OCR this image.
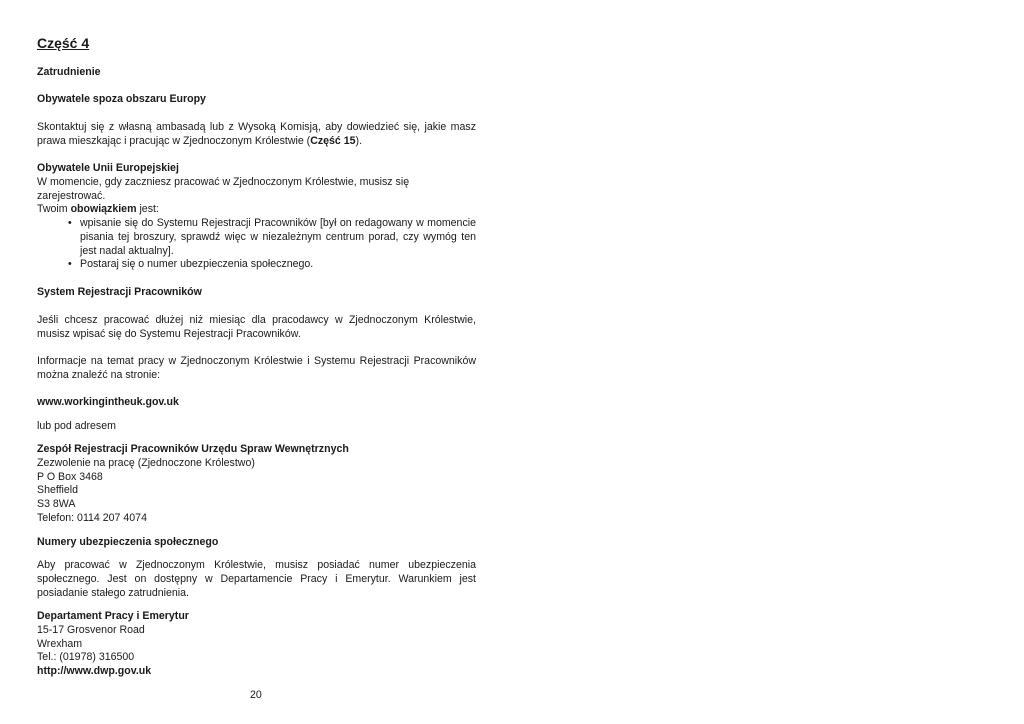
Część 4
Zatrudnienie
Obywatele spoza obszaru Europy

Skontaktuj się z własną ambasadą lub z Wysoką Komisją, aby dowiedzieć się, jakie masz prawa mieszkając i pracując w Zjednoczonym Królestwie (Część 15).

Obywatele Unii Europejskiej

W momencie, gdy zaczniesz pracować w Zjednoczonym Królestwie, musisz się zarejestrować.

Twoim obowiązkiem jest:

• wpisanie się do Systemu Rejestracji Pracowników [był on redagowany w momencie pisania tej broszury, sprawdź więc w niezależnym centrum porad, czy wymóg ten jest nadal aktualny].
• Postaraj się o numer ubezpieczenia społecznego.
System Rejestracji Pracowników

Jeśli chcesz pracować dłużej niż miesiąc dla pracodawcy w Zjednoczonym Królestwie, musisz wpisać się do Systemu Rejestracji Pracowników.

Informacje na temat pracy w Zjednoczonym Królestwie i Systemu Rejestracji Pracowników można znaleźć na stronie:

www.workingintheuk.gov.uk
lub pod adresem
Zespół Rejestracji Pracowników Urzędu Spraw Wewnętrznych
Zezwolenie na pracę (Zjednoczone Królestwo)
P O Box 3468
Sheffield
S3 8WA
Telefon: 0114 207 4074
Numery ubezpieczenia społecznego

Aby pracować w Zjednoczonym Królestwie, musisz posiadać numer ubezpieczenia społecznego. Jest on dostępny w Departamencie Pracy i Emerytur. Warunkiem jest posiadanie stałego zatrudnienia.

Departament Pracy i Emerytur
15-17 Grosvenor Road
Wrexham
Tel.: (01978) 316500
http://www.dwp.gov.uk
20
